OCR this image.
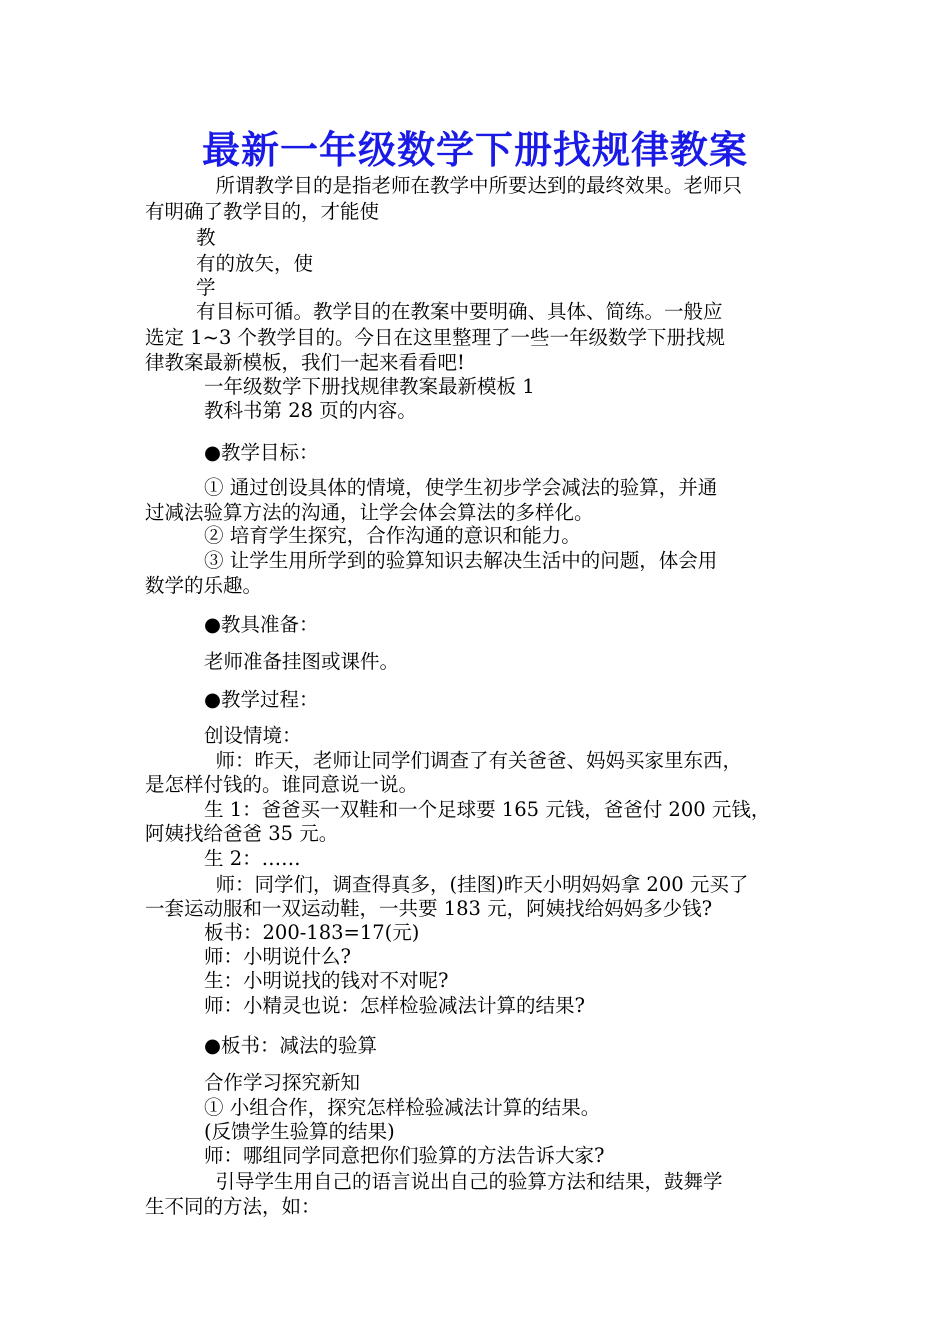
最新一年级数学下册找规律教案
　所谓教学目的是指老师在教学中所要达到的最终效果。老师只
有明确了教学目的，才能使
教
有的放矢，使
学
有目标可循。教学目的在教案中要明确、具体、简练。一般应
选定 1~3 个教学目的。今日在这里整理了一些一年级数学下册找规
律教案最新模板，我们一起来看看吧!
一年级数学下册找规律教案最新模板 1
教科书第 28 页的内容。
●教学目标：
① 通过创设具体的情境，使学生初步学会减法的验算，并通
过减法验算方法的沟通，让学会体会算法的多样化。
② 培育学生探究，合作沟通的意识和能力。
③ 让学生用所学到的验算知识去解决生活中的问题，体会用
数学的乐趣。
●教具准备：
老师准备挂图或课件。
●教学过程：
创设情境：
　师：昨天，老师让同学们调查了有关爸爸、妈妈买家里东西，
是怎样付钱的。谁同意说一说。
生 1：爸爸买一双鞋和一个足球要 165 元钱，爸爸付 200 元钱，
阿姨找给爸爸 35 元。
生 2：……
　师：同学们，调查得真多，(挂图)昨天小明妈妈拿 200 元买了
一套运动服和一双运动鞋，一共要 183 元，阿姨找给妈妈多少钱?
板书：200-183=17(元)
师：小明说什么?
生：小明说找的钱对不对呢?
师：小精灵也说：怎样检验减法计算的结果?
●板书：减法的验算
合作学习探究新知
① 小组合作，探究怎样检验减法计算的结果。
(反馈学生验算的结果)
师：哪组同学同意把你们验算的方法告诉大家?
　引导学生用自己的语言说出自己的验算方法和结果，鼓舞学
生不同的方法，如：
